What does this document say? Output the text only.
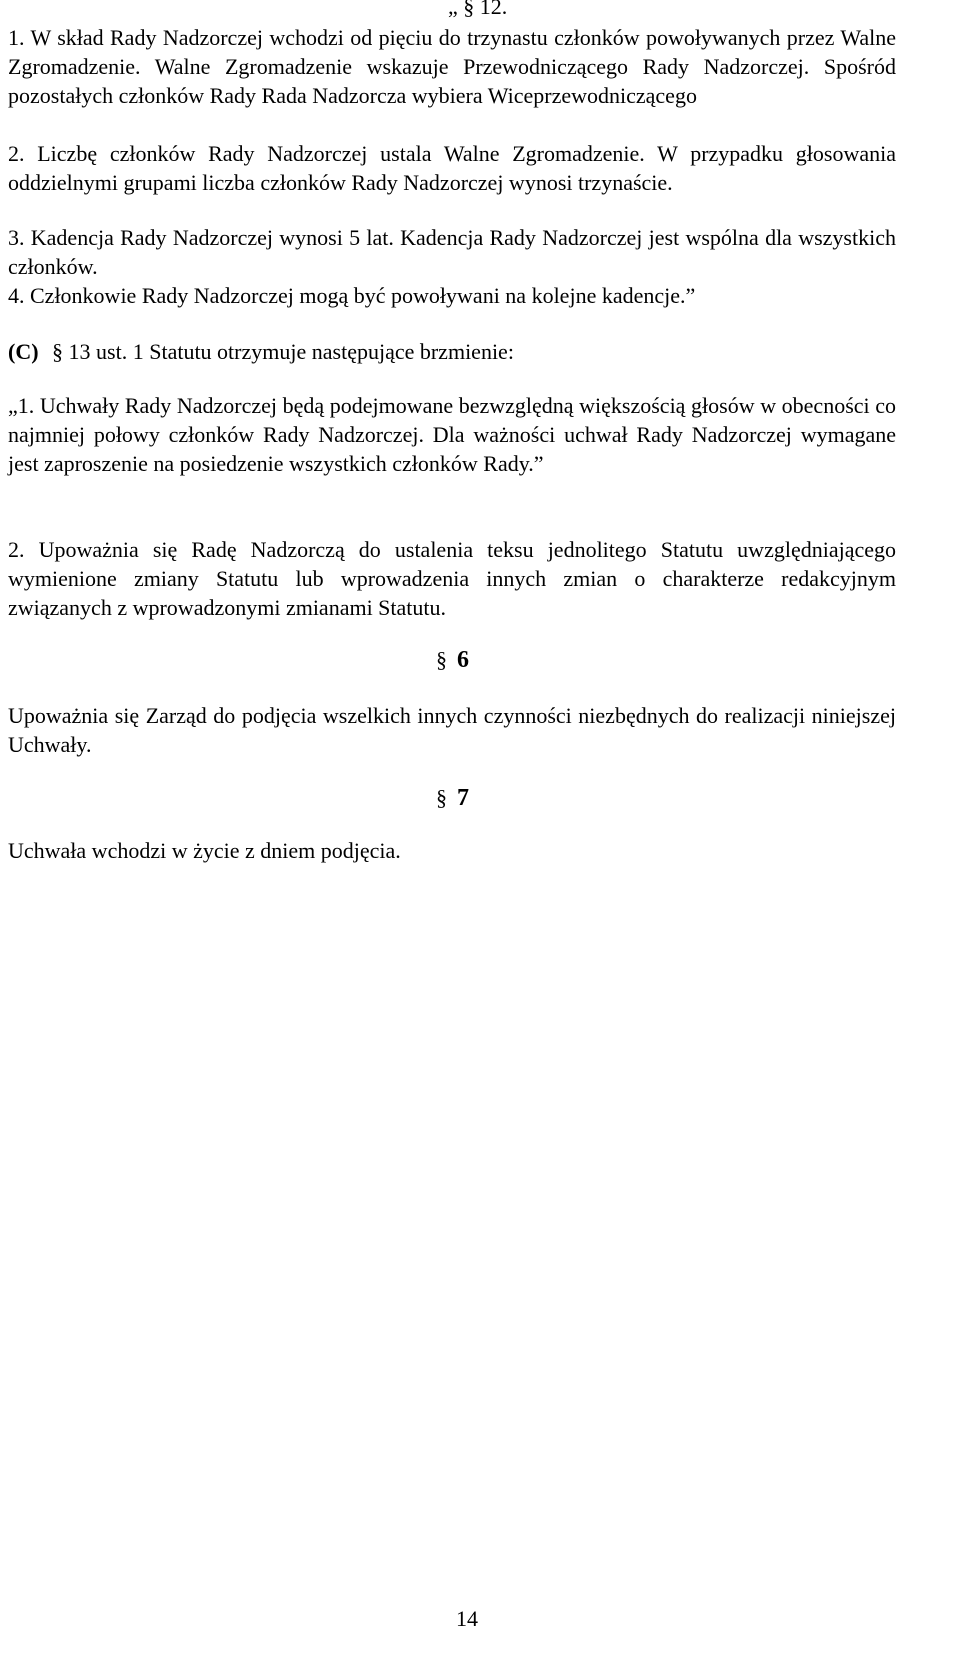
„ § 12.
1. W skład Rady Nadzorczej wchodzi od pięciu do trzynastu członków powoływanych przez Walne Zgromadzenie. Walne Zgromadzenie wskazuje Przewodniczącego Rady Nadzorczej. Spośród pozostałych członków Rady Rada Nadzorcza wybiera Wiceprzewodniczącego
2. Liczbę członków Rady Nadzorczej ustala Walne Zgromadzenie. W przypadku głosowania oddzielnymi grupami liczba członków Rady Nadzorczej wynosi trzynaście.
3. Kadencja Rady Nadzorczej wynosi 5 lat. Kadencja Rady Nadzorczej jest wspólna dla wszystkich członków.
4. Członkowie Rady Nadzorczej mogą być powoływani na kolejne kadencje.”
(C) § 13 ust. 1 Statutu otrzymuje następujące brzmienie:
„1. Uchwały Rady Nadzorczej będą podejmowane bezwzględną większością głosów w obecności co najmniej połowy członków Rady Nadzorczej. Dla ważności uchwał Rady Nadzorczej wymagane jest zaproszenie na posiedzenie wszystkich członków Rady.”
2. Upoważnia się Radę Nadzorczą do ustalenia teksu jednolitego Statutu uwzględniającego wymienione zmiany Statutu lub wprowadzenia innych zmian o charakterze redakcyjnym związanych z wprowadzonymi zmianami Statutu.
§ 6
Upoważnia się Zarząd do podjęcia wszelkich innych czynności niezbędnych do realizacji niniejszej Uchwały.
§ 7
Uchwała wchodzi w życie z dniem podjęcia.
14
